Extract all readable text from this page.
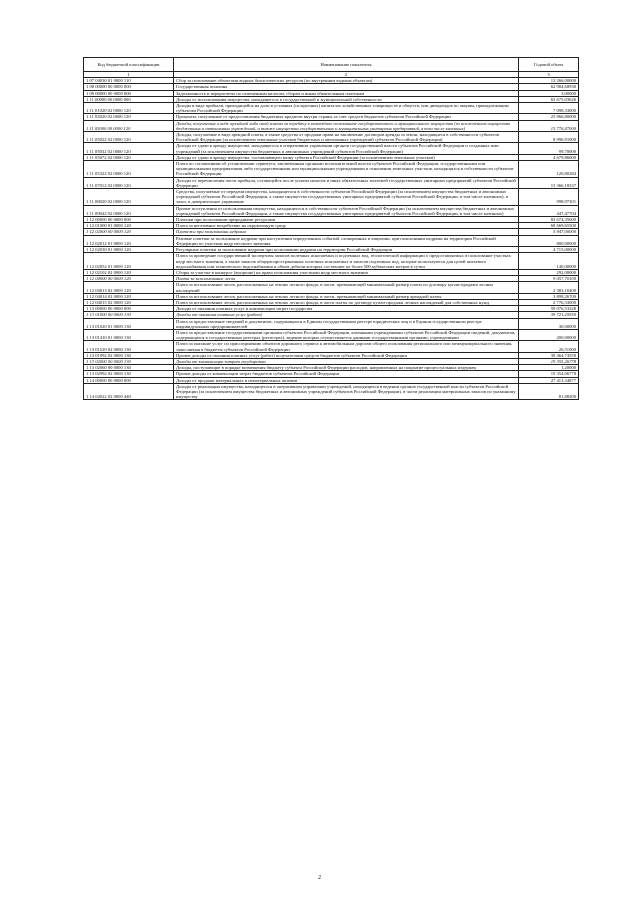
Код бюджетной классификации	Наименование показателя	Годовой объем
1	2	3
1 07 04030 01 0000 110	Сбор за пользование объектами водных биологических ресурсов (по внутренним водным объектам)	13 266,00000
1 08 00000 00 0000 000	Государственная пошлина	62 984,68930
1 09 00000 00 0000 000	Задолженность и перерасчеты по отмененным налогам, сборам и иным обязательным платежам	3,00000
1 11 00000 00 0000 000	Доходы от использования имущества, находящегося в государственной и муниципальной собственности	63 675,03626
1 11 01020 02 0000 120	Доходы в виде прибыли, приходящейся на доли в уставных (складочных) капиталах хозяйственных товариществ и обществ, или дивидендов по акциям, принадлежащим субъектам Российской Федерации	7 098,33000
1 11 03020 02 0000 120	Проценты, полученные от предоставления бюджетных кредитов внутри страны за счет средств бюджетов субъектов Российской Федерации	25 866,80000
1 11 05000 00 0000 120	Доходы, получаемые в виде арендной либо иной платы за передачу в возмездное пользование государственного и муниципального имущества (за исключением имущества бюджетных и автономных учреждений, а также имущества государственных и муниципальных унитарных предприятий, в том числе казенных)	13 776,47000
1 11 05022 02 0000 120	Доходы, получаемые в виде арендной платы, а также средства от продажи права на заключение договоров аренды за земли, находящиеся в собственности субъектов Российской Федерации (за исключением земельных участков бюджетных и автономных учреждений субъектов Российской Федерации)	8 996,91000
1 11 05032 02 0000 120	Доходы от сдачи в аренду имущества, находящегося в оперативном управлении органов государственной власти субъектов Российской Федерации и созданных ими учреждений (за исключением имущества бюджетных и автономных учреждений субъектов Российской Федерации)	99,70000
1 11 05072 02 0000 120	Доходы от сдачи в аренду имущества, составляющего казну субъекта Российской Федерации (за исключением земельных участков)	4 679,86000
1 11 05322 02 0000 120	Плата по соглашениям об установлении сервитута, заключенным органами исполнительной власти субъектов Российской Федерации, государственными или муниципальными предприятиями либо государственными или муниципальными учреждениями в отношении земельных участков, находящихся в собственности субъектов Российской Федерации	120,80284
1 11 07012 02 0000 120	Доходы от перечисления части прибыли, остающейся после уплаты налогов и иных обязательных платежей государственных унитарных предприятий субъектов Российской Федерации	15 366,18337
1 11 08020 02 0000 120	Средства, получаемые от передачи имущества, находящегося в собственности субъектов Российской Федерации (за исключением имущества бюджетных и автономных учреждений субъектов Российской Федерации, а также имущества государственных унитарных предприятий субъектов Российской Федерации, в том числе казенных), в залог, в доверительное управление	998,97301
1 11 09042 02 0000 120	Прочие поступления от использования имущества, находящегося в собственности субъектов Российской Федерации (за исключением имущества бюджетных и автономных учреждений субъектов Российской Федерации, а также имущества государственных унитарных предприятий субъектов Российской Федерации, в том числе казенных)	447,47704
1 12 00000 00 0000 000	Платежи при пользовании природными ресурсами	83 674,35600
1 12 01000 01 0000 120	Плата за негативное воздействие на окружающую среду	68 669,65500
1 12 02000 00 0000 120	Платежи при пользовании недрами	5 947,00000
1 12 02012 01 0000 120	Разовые платежи за пользование недрами при наступлении определенных событий, оговоренных в лицензии, при пользовании недрами на территории Российской Федерации по участкам недр местного значения	800,00000
1 12 02030 01 0000 120	Регулярные платежи за пользование недрами при пользовании недрами на территории Российской Федерации	4 715,00000
1 12 02052 01 0000 120	Плата за проведение государственной экспертизы запасов полезных ископаемых и подземных вод, геологической информации о предоставляемых в пользование участках недр местного значения, а также запасов общераспространенных полезных ископаемых и запасов подземных вод, которые используются для целей питьевого водоснабжения или технического водоснабжения и объем добычи которых составляет не более 500 кубических метров в сутки	140,00000
1 12 02102 02 0000 120	Сборы за участие в конкурсе (аукционе) на право пользования участками недр местного значения	292,00000
1 12 04000 00 0000 120	Плата за использование лесов	9 057,70100
1 12 04013 02 0000 120	Плата за использование лесов, расположенных на землях лесного фонда, в части, превышающей минимальный размер платы по договору купли-продажи лесных насаждений	2 383,10400
1 12 04014 02 0000 120	Плата за использование лесов, расположенных на землях лесного фонда, в части, превышающей минимальный размер арендной платы	3 898,26700
1 12 04015 02 0000 120	Плата за использование лесов, расположенных на землях лесного фонда, в части платы по договору купли-продажи лесных насаждений для собственных нужд	2 776,33000
1 13 00000 00 0000 000	Доходы от оказания платных услуг и компенсации затрат государства	59 076,53328
1 13 01000 00 0000 130	Доходы от оказания платных услуг (работ)	39 721,25550
1 13 01020 01 0000 130	Плата за предоставление сведений и документов, содержащихся в Едином государственном реестре юридических лиц и в Едином государственном реестре индивидуальных предпринимателей	30,00000
1 13 01410 01 0000 130	Плата за предоставление государственными органами субъектов Российской Федерации, казенными учреждениями субъектов Российской Федерации сведений, документов, содержащихся в государственных реестрах (регистрах), ведение которых осуществляется данными государственными органами, учреждениями	200,00000
1 13 01520 02 0000 130	Плата за оказание услуг по присоединению объектов дорожного сервиса к автомобильным дорогам общего пользования регионального или межмуниципального значения, зачисляемая в бюджеты субъектов Российской Федерации	26,51000
1 13 01992 02 0000 130	Прочие доходы от оказания платных услуг (работ) получателями средств бюджетов субъектов Российской Федерации	39 464,74550
1 13 02000 00 0000 130	Доходы от компенсации затрат государства	19 355,26778
1 13 02060 00 0000 130	Доходы, поступающие в порядке возмещения бюджету субъекта Российской Федерации расходов, направленных на покрытие процессуальных издержек	1,20000
1 13 02992 02 0000 130	Прочие доходы от компенсации затрат бюджетов субъектов Российской Федерации	19 354,06778
1 14 00000 00 0000 000	Доходы от продажи материальных и нематериальных активов	27 413,34877
1 14 02022 02 0000 440	Доходы от реализации имущества, находящегося в оперативном управлении учреждений, находящихся в ведении органов государственной власти субъектов Российской Федерации (за исключением имущества бюджетных и автономных учреждений субъектов Российской Федерации), в части реализации материальных запасов по указанному имуществу	81,88200
2
